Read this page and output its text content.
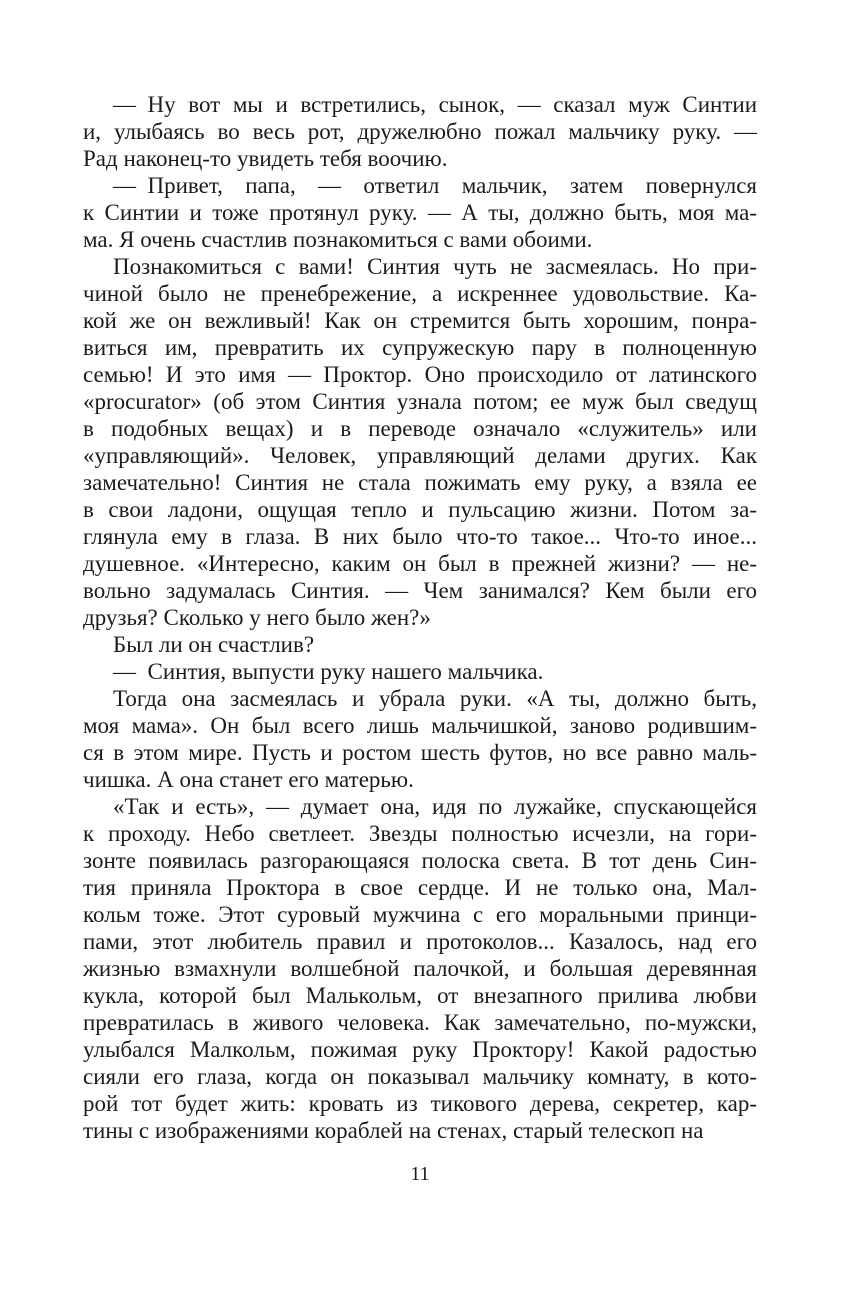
— Ну вот мы и встретились, сынок, — сказал муж Синтии
и, улыбаясь во весь рот, дружелюбно пожал мальчику руку. —
Рад наконец-то увидеть тебя воочию.
— Привет, папа, — ответил мальчик, затем повернулся
к Синтии и тоже протянул руку. — А ты, должно быть, моя ма-
ма. Я очень счастлив познакомиться с вами обоими.
Познакомиться с вами! Синтия чуть не засмеялась. Но при-
чиной было не пренебрежение, а искреннее удовольствие. Ка-
кой же он вежливый! Как он стремится быть хорошим, понра-
виться им, превратить их супружескую пару в полноценную
семью! И это имя — Проктор. Оно происходило от латинского
«procurator» (об этом Синтия узнала потом; ее муж был сведущ
в подобных вещах) и в переводе означало «служитель» или
«управляющий». Человек, управляющий делами других. Как
замечательно! Синтия не стала пожимать ему руку, а взяла ее
в свои ладони, ощущая тепло и пульсацию жизни. Потом за-
глянула ему в глаза. В них было что-то такое... Что-то иное...
душевное. «Интересно, каким он был в прежней жизни? — не-
вольно задумалась Синтия. — Чем занимался? Кем были его
друзья? Сколько у него было жен?»
Был ли он счастлив?
— Синтия, выпусти руку нашего мальчика.
Тогда она засмеялась и убрала руки. «А ты, должно быть,
моя мама». Он был всего лишь мальчишкой, заново родившим-
ся в этом мире. Пусть и ростом шесть футов, но все равно маль-
чишка. А она станет его матерью.
«Так и есть», — думает она, идя по лужайке, спускающейся
к проходу. Небо светлеет. Звезды полностью исчезли, на гори-
зонте появилась разгорающаяся полоска света. В тот день Син-
тия приняла Проктора в свое сердце. И не только она, Мал-
кольм тоже. Этот суровый мужчина с его моральными принци-
пами, этот любитель правил и протоколов... Казалось, над его
жизнью взмахнули волшебной палочкой, и большая деревянная
кукла, которой был Малькольм, от внезапного прилива любви
превратилась в живого человека. Как замечательно, по-мужски,
улыбался Малкольм, пожимая руку Проктору! Какой радостью
сияли его глаза, когда он показывал мальчику комнату, в кото-
рой тот будет жить: кровать из тикового дерева, секретер, кар-
тины с изображениями кораблей на стенах, старый телескоп на
11
